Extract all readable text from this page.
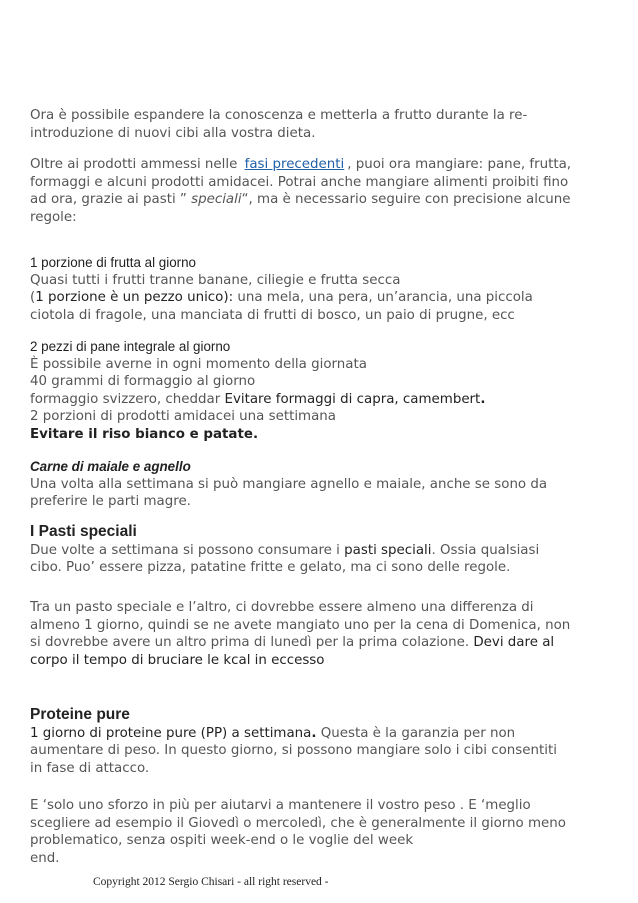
Ora è possibile espandere la conoscenza e metterla a frutto durante la re-
introduzione di nuovi cibi alla vostra dieta.
Oltre ai prodotti ammessi nelle fasi precedenti , puoi ora mangiare: pane, frutta,
formaggi e alcuni prodotti amidacei. Potrai anche mangiare alimenti proibiti fino
ad ora, grazie ai pasti ” speciali“, ma è necessario seguire con precisione alcune
regole:
1 porzione di frutta al giorno
Quasi tutti i frutti tranne banane, ciliegie e frutta secca
(1 porzione è un pezzo unico): una mela, una pera, un’arancia, una piccola
ciotola di fragole, una manciata di frutti di bosco, un paio di prugne, ecc
2 pezzi di pane integrale al giorno
È possibile averne in ogni momento della giornata
40 grammi di formaggio al giorno
formaggio svizzero, cheddar Evitare formaggi di capra, camembert.
2 porzioni di prodotti amidacei una settimana
Evitare il riso bianco e patate.
Carne di maiale e agnello
Una volta alla settimana si può mangiare agnello e maiale, anche se sono da
preferire le parti magre.
I Pasti speciali
Due volte a settimana si possono consumare i pasti speciali. Ossia qualsiasi
cibo. Puo’ essere pizza, patatine fritte e gelato, ma ci sono delle regole.
Tra un pasto speciale e l’altro, ci dovrebbe essere almeno una differenza di
almeno 1 giorno, quindi se ne avete mangiato uno per la cena di Domenica, non
si dovrebbe avere un altro prima di lunedì per la prima colazione. Devi dare al
corpo il tempo di bruciare le kcal in eccesso
Proteine pure
1 giorno di proteine pure (PP) a settimana. Questa è la garanzia per non
aumentare di peso. In questo giorno, si possono mangiare solo i cibi consentiti
in fase di attacco.
E ‘solo uno sforzo in più per aiutarvi a mantenere il vostro peso . E ‘meglio
scegliere ad esempio il Giovedì o mercoledì, che è generalmente il giorno meno
problematico, senza ospiti week-end o le voglie del week
end.
Copyright 2012 Sergio Chisari - all right reserved -
